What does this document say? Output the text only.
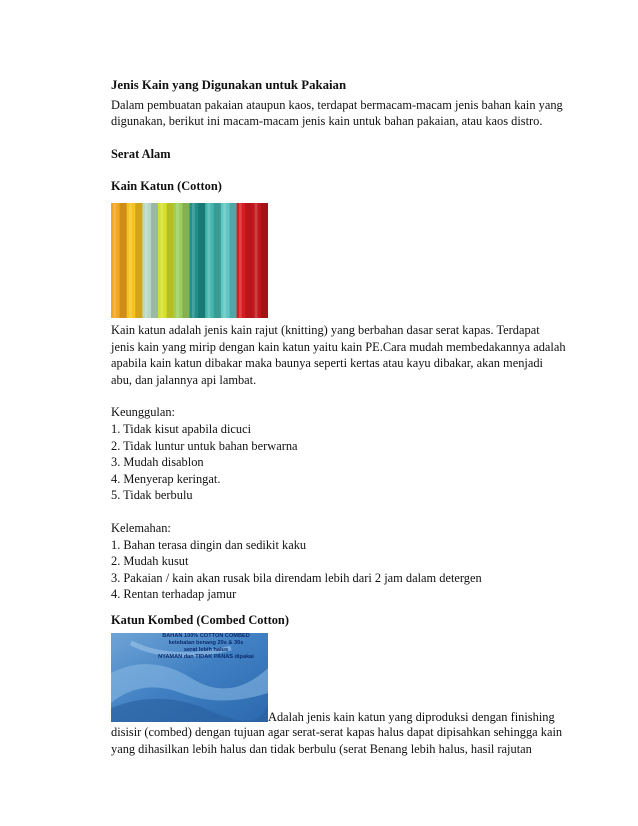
Jenis Kain yang Digunakan untuk Pakaian

Dalam pembuatan pakaian ataupun kaos, terdapat bermacam-macam jenis bahan kain yang digunakan, berikut ini macam-macam jenis kain untuk bahan pakaian, atau kaos distro.

Serat Alam

Kain Katun (Cotton)

Kain katun adalah jenis kain rajut (knitting) yang berbahan dasar serat kapas. Terdapat jenis kain yang mirip dengan kain katun yaitu kain PE.Cara mudah membedakannya adalah apabila kain katun dibakar maka baunya seperti kertas atau kayu dibakar, akan menjadi abu, dan jalannya api lambat.

Keunggulan:

1. Tidak kisut apabila dicuci
2. Tidak luntur untuk bahan berwarna
3. Mudah disablon
4. Menyerap keringat.
5. Tidak berbulu

Kelemahan:

1. Bahan terasa dingin dan sedikit kaku
2. Mudah kusut
3. Pakaian / kain akan rusak bila direndam lebih dari 2 jam dalam detergen
4. Rentan terhadap jamur

Katun Kombed (Combed Cotton)

BAHAN 100% COTTON COMBED
ketebalan benang 20s & 30s
serat lebih halus
NYAMAN dan TIDAK PANAS dipakai
Adalah jenis kain katun yang diproduksi dengan finishing

disisir (combed) dengan tujuan agar serat-serat kapas halus dapat dipisahkan sehingga kain yang dihasilkan lebih halus dan tidak berbulu (serat Benang lebih halus, hasil rajutan
